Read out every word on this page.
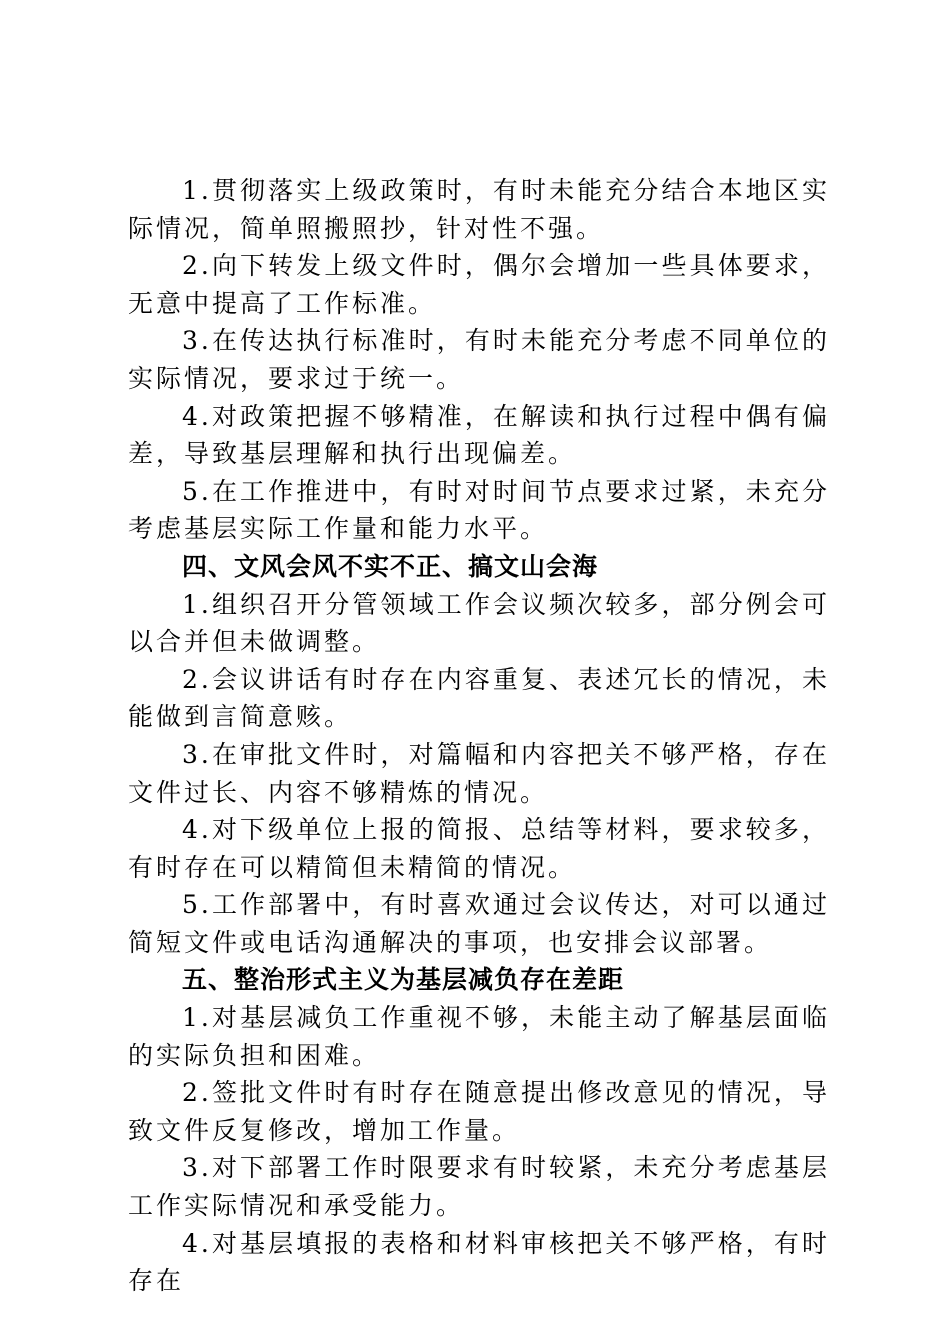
1.贯彻落实上级政策时，有时未能充分结合本地区实际情况，简单照搬照抄，针对性不强。

2.向下转发上级文件时，偶尔会增加一些具体要求，无意中提高了工作标准。

3.在传达执行标准时，有时未能充分考虑不同单位的实际情况，要求过于统一。

4.对政策把握不够精准，在解读和执行过程中偶有偏差，导致基层理解和执行出现偏差。

5.在工作推进中，有时对时间节点要求过紧，未充分考虑基层实际工作量和能力水平。

四、文风会风不实不正、搞文山会海

1.组织召开分管领域工作会议频次较多，部分例会可以合并但未做调整。

2.会议讲话有时存在内容重复、表述冗长的情况，未能做到言简意赅。

3.在审批文件时，对篇幅和内容把关不够严格，存在文件过长、内容不够精炼的情况。

4.对下级单位上报的简报、总结等材料，要求较多，有时存在可以精简但未精简的情况。

5.工作部署中，有时喜欢通过会议传达，对可以通过简短文件或电话沟通解决的事项，也安排会议部署。

五、整治形式主义为基层减负存在差距

1.对基层减负工作重视不够，未能主动了解基层面临的实际负担和困难。

2.签批文件时有时存在随意提出修改意见的情况，导致文件反复修改，增加工作量。

3.对下部署工作时限要求有时较紧，未充分考虑基层工作实际情况和承受能力。

4.对基层填报的表格和材料审核把关不够严格，有时存在
